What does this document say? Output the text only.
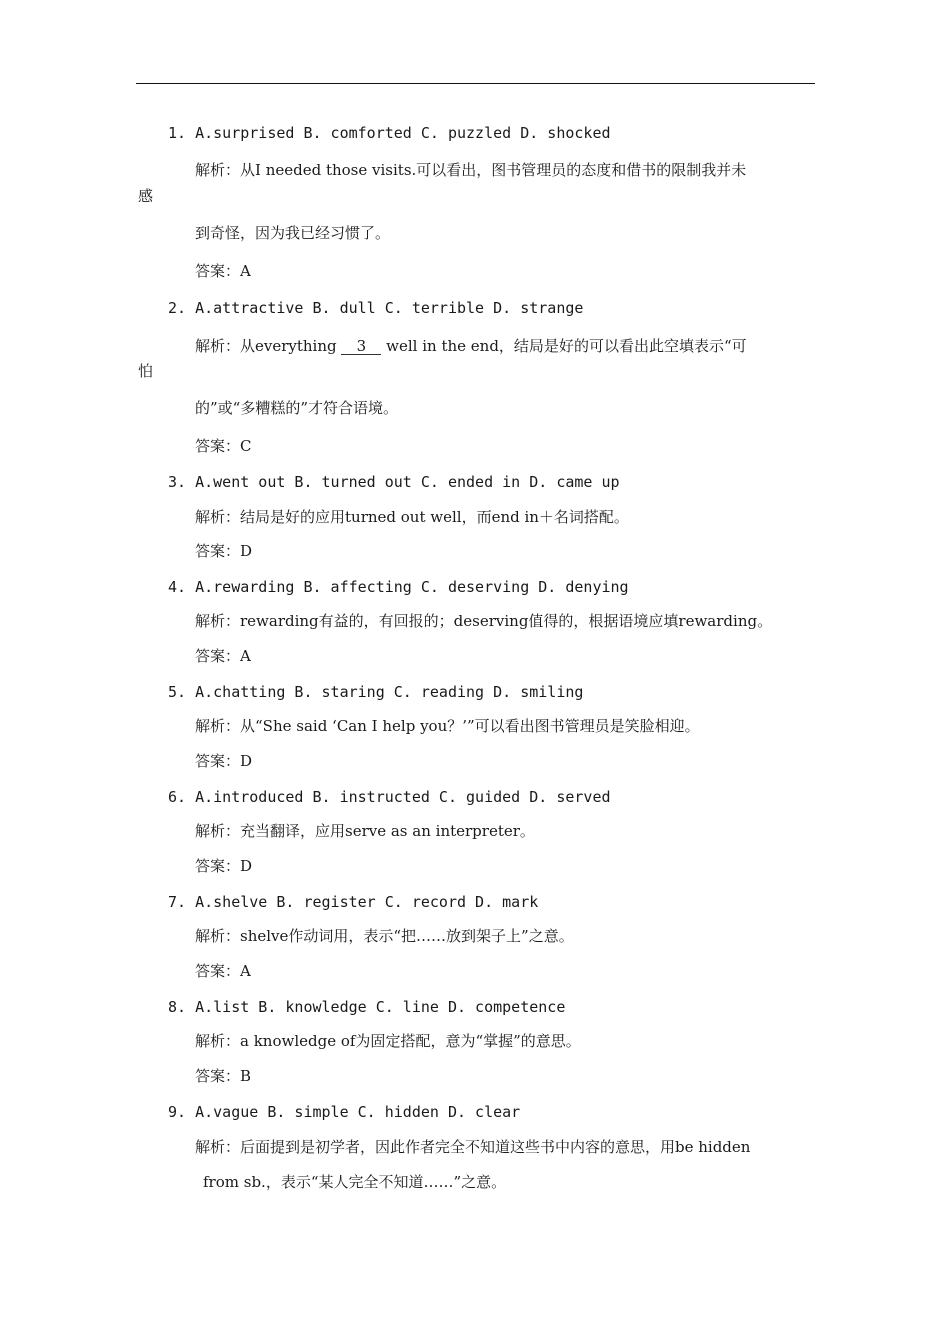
1. A.surprised B. comforted C. puzzled D. shocked
解析：从I needed those visits.可以看出，图书管理员的态度和借书的限制我并未
感
到奇怪，因为我已经习惯了。
答案：A
2. A.attractive B. dull C. terrible D. strange
解析：从everything 3 well in the end，结局是好的可以看出此空填表示“可
怕
的”或“多糟糕的”才符合语境。
答案：C
3. A.went out B. turned out C. ended in D. came up
解析：结局是好的应用turned out well，而end in＋名词搭配。
答案：D
4. A.rewarding B. affecting C. deserving D. denying
解析：rewarding有益的，有回报的；deserving值得的，根据语境应填rewarding。
答案：A
5. A.chatting B. staring C. reading D. smiling
解析：从“She said ‘Can I help you？’”可以看出图书管理员是笑脸相迎。
答案：D
6. A.introduced B. instructed C. guided D. served
解析：充当翻译，应用serve as an interpreter。
答案：D
7. A.shelve B. register C. record D. mark
解析：shelve作动词用，表示“把……放到架子上”之意。
答案：A
8. A.list B. knowledge C. line D. competence
解析：a knowledge of为固定搭配，意为“掌握”的意思。
答案：B
9. A.vague B. simple C. hidden D. clear
解析：后面提到是初学者，因此作者完全不知道这些书中内容的意思，用be hidden
from sb.，表示“某人完全不知道……”之意。
